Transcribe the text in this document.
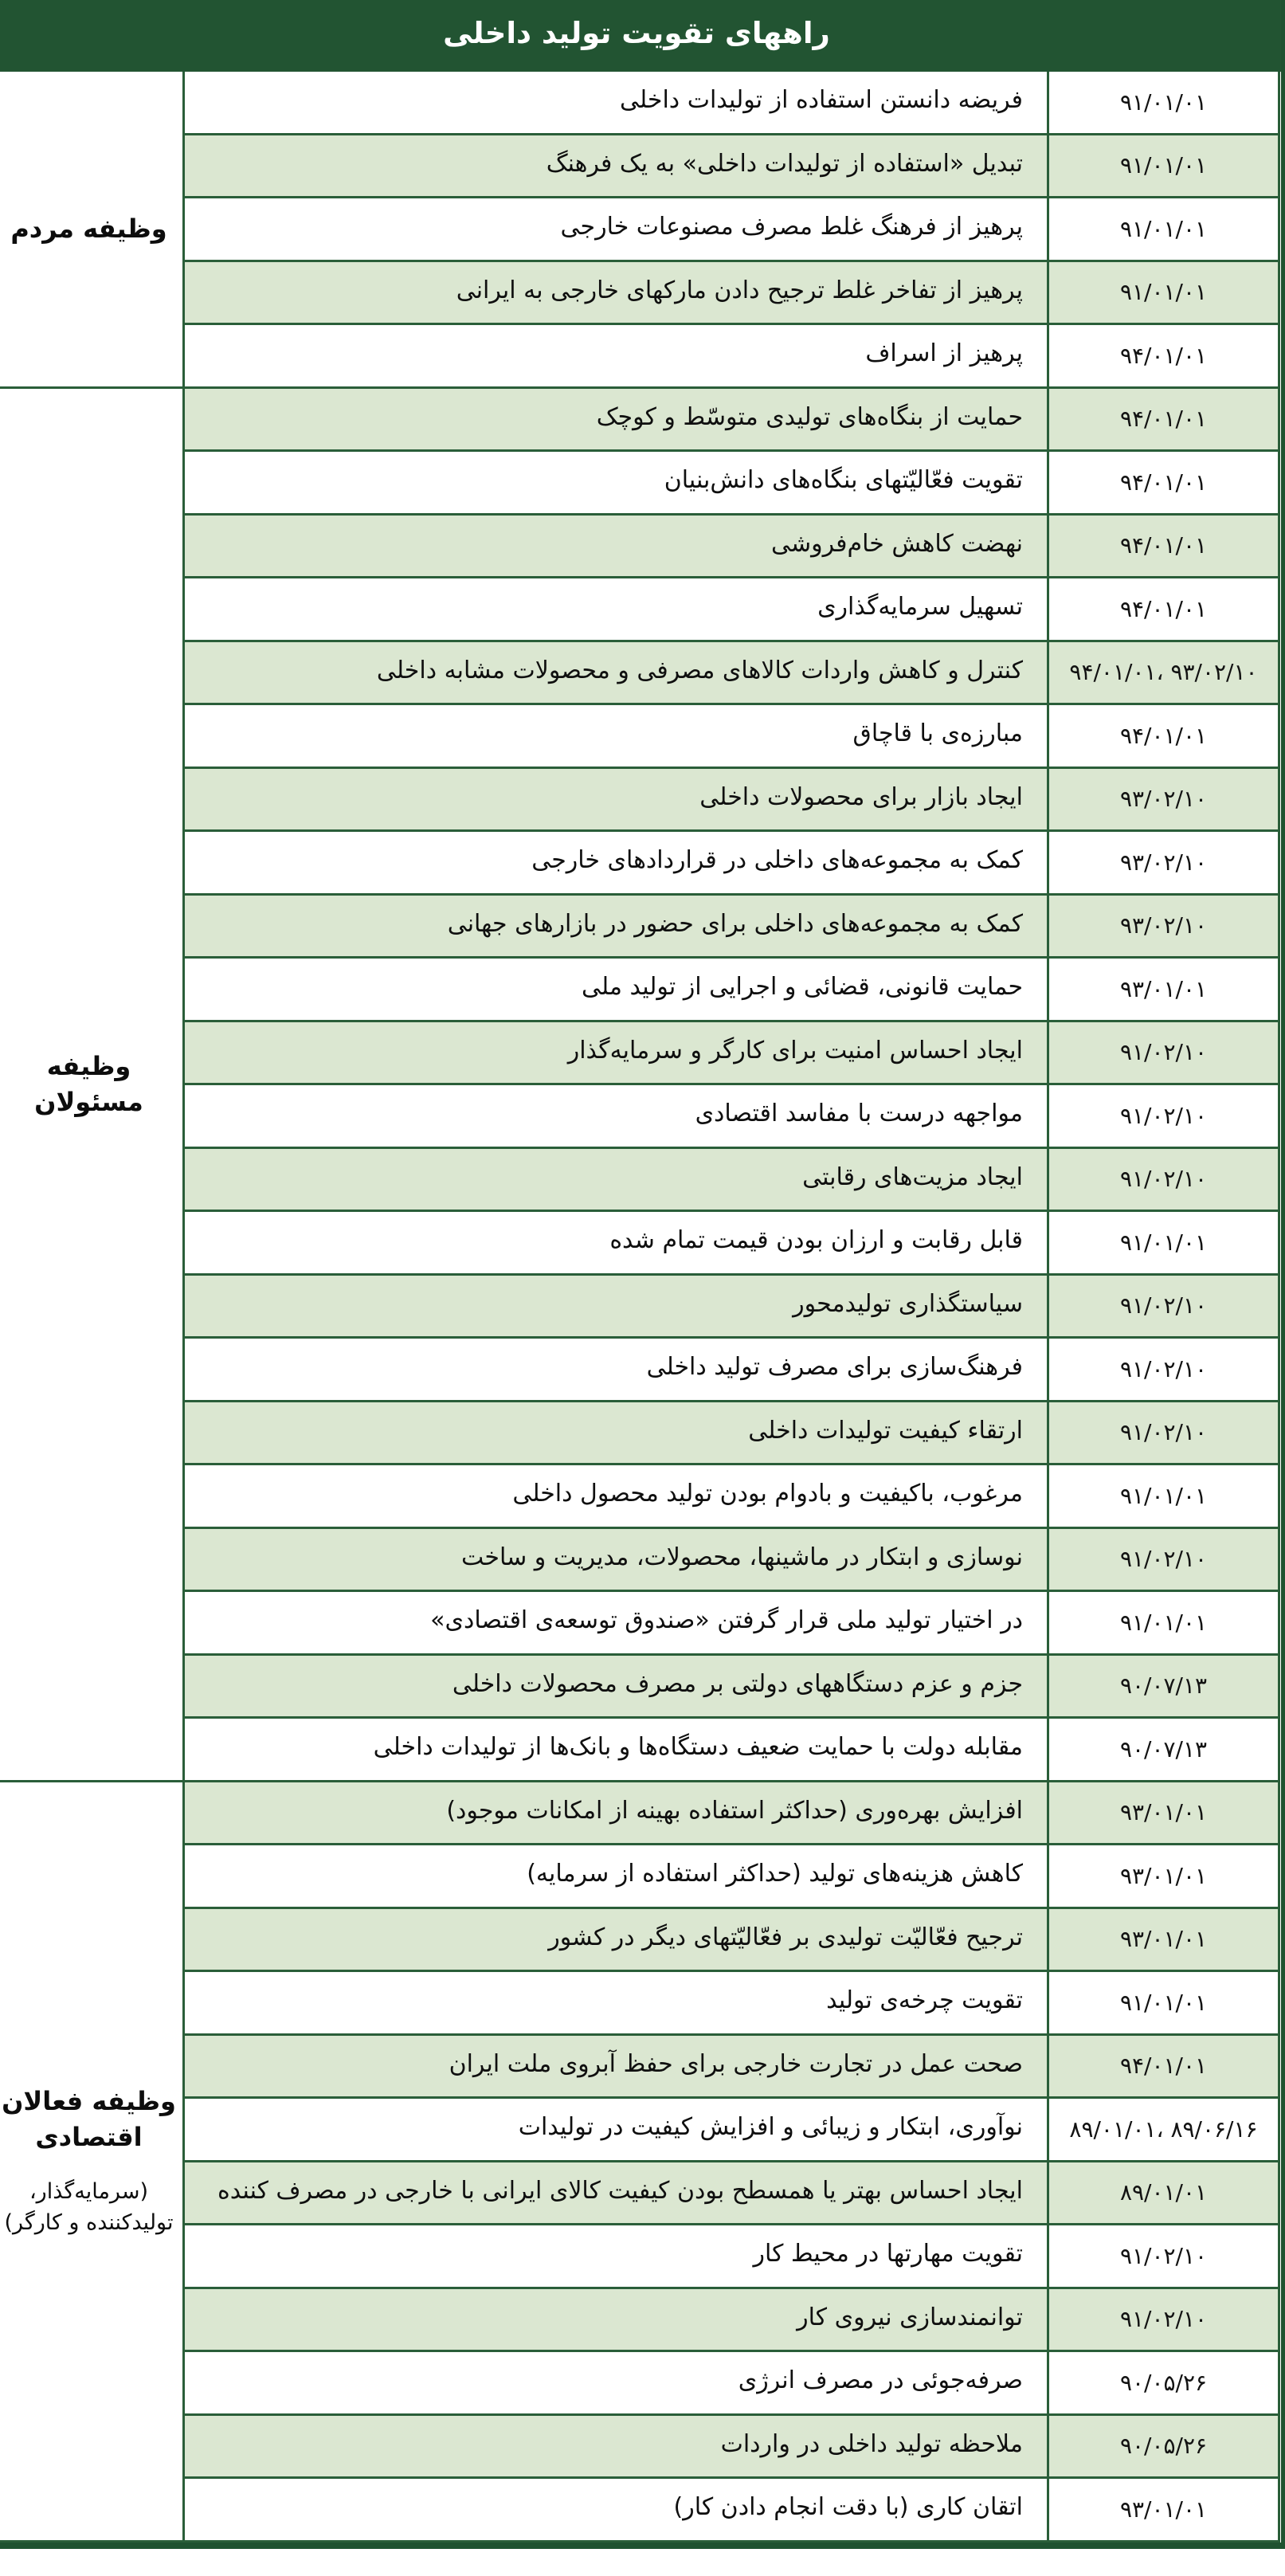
راههای تقویت تولید داخلی		
۹۱/۰۱/۰۱	فریضه دانستن استفاده از تولیدات داخلی	وظیفه مردم
۹۱/۰۱/۰۱	تبدیل «استفاده از تولیدات داخلی» به یک فرهنگ	
۹۱/۰۱/۰۱	پرهیز از فرهنگ غلط مصرف مصنوعات خارجی	
۹۱/۰۱/۰۱	پرهیز از تفاخر غلط ترجیح دادن مارکهای خارجی به ایرانی	
۹۴/۰۱/۰۱	پرهیز از اسراف	
۹۴/۰۱/۰۱	حمایت از بنگاه‌های تولیدی متوسّط و کوچک	وظیفه مسئولان
۹۴/۰۱/۰۱	تقویت فعّالیّتهای بنگاه‌های دانش‌بنیان	
۹۴/۰۱/۰۱	نهضت کاهش خام‌فروشی	
۹۴/۰۱/۰۱	تسهیل سرمایه‌گذاری	
۹۳/۰۲/۱۰ ،۹۴/۰۱/۰۱	کنترل و کاهش واردات کالاهای مصرفی و محصولات مشابه داخلی	
۹۴/۰۱/۰۱	مبارزه‌ی با قاچاق	
۹۳/۰۲/۱۰	ایجاد بازار برای محصولات داخلی	
۹۳/۰۲/۱۰	کمک به مجموعه‌های داخلی در قراردادهای خارجی	
۹۳/۰۲/۱۰	کمک به مجموعه‌های داخلی برای حضور در بازارهای جهانی	
۹۳/۰۱/۰۱	حمایت قانونی، قضائی و اجرایی از تولید ملی	
۹۱/۰۲/۱۰	ایجاد احساس امنیت برای کارگر و سرمایه‌گذار	
۹۱/۰۲/۱۰	مواجهه درست با مفاسد اقتصادی	
۹۱/۰۲/۱۰	ایجاد مزیت‌های رقابتی	
۹۱/۰۱/۰۱	قابل رقابت و ارزان بودن قیمت تمام شده	
۹۱/۰۲/۱۰	سیاستگذاری تولیدمحور	
۹۱/۰۲/۱۰	فرهنگ‌سازی برای مصرف تولید داخلی	
۹۱/۰۲/۱۰	ارتقاء کیفیت تولیدات داخلی	
۹۱/۰۱/۰۱	مرغوب، باکیفیت و بادوام بودن تولید محصول داخلی	
۹۱/۰۲/۱۰	نوسازی و ابتکار در ماشینها، محصولات، مدیریت و ساخت	
۹۱/۰۱/۰۱	در اختیار تولید ملی قرار گرفتن «صندوق توسعه‌ی اقتصادی»	
۹۰/۰۷/۱۳	جزم و عزم دستگاههای دولتی بر مصرف محصولات داخلی	
۹۰/۰۷/۱۳	مقابله دولت با حمایت ضعیف دستگاه‌ها و بانک‌ها از تولیدات داخلی	
۹۳/۰۱/۰۱	افزایش بهره‌وری (حداکثر استفاده بهینه از امکانات موجود)	وظیفه فعالان اقتصادی
(سرمایه‌گذار، تولیدکننده و کارگر)

۹۳/۰۱/۰۱	کاهش هزینه‌های تولید (حداکثر استفاده از سرمایه)	
۹۳/۰۱/۰۱	ترجیح فعّالیّت تولیدی بر فعّالیّتهای دیگر در کشور	
۹۱/۰۱/۰۱	تقویت چرخه‌ی تولید	
۹۴/۰۱/۰۱	صحت عمل در تجارت خارجی برای حفظ آبروی ملت ایران	
۸۹/۰۶/۱۶ ،۸۹/۰۱/۰۱	نوآوری، ابتکار و زیبائی و افزایش کیفیت در تولیدات	
۸۹/۰۱/۰۱	ایجاد احساس بهتر یا همسطح بودن کیفیت کالای ایرانی با خارجی در مصرف کننده	
۹۱/۰۲/۱۰	تقویت مهارتها در محیط کار	
۹۱/۰۲/۱۰	توانمندسازی نیروی کار	
۹۰/۰۵/۲۶	صرفه‌جوئی در مصرف انرژی	
۹۰/۰۵/۲۶	ملاحظه تولید داخلی در واردات	
۹۳/۰۱/۰۱	اتقان کاری (با دقت انجام دادن کار)	
